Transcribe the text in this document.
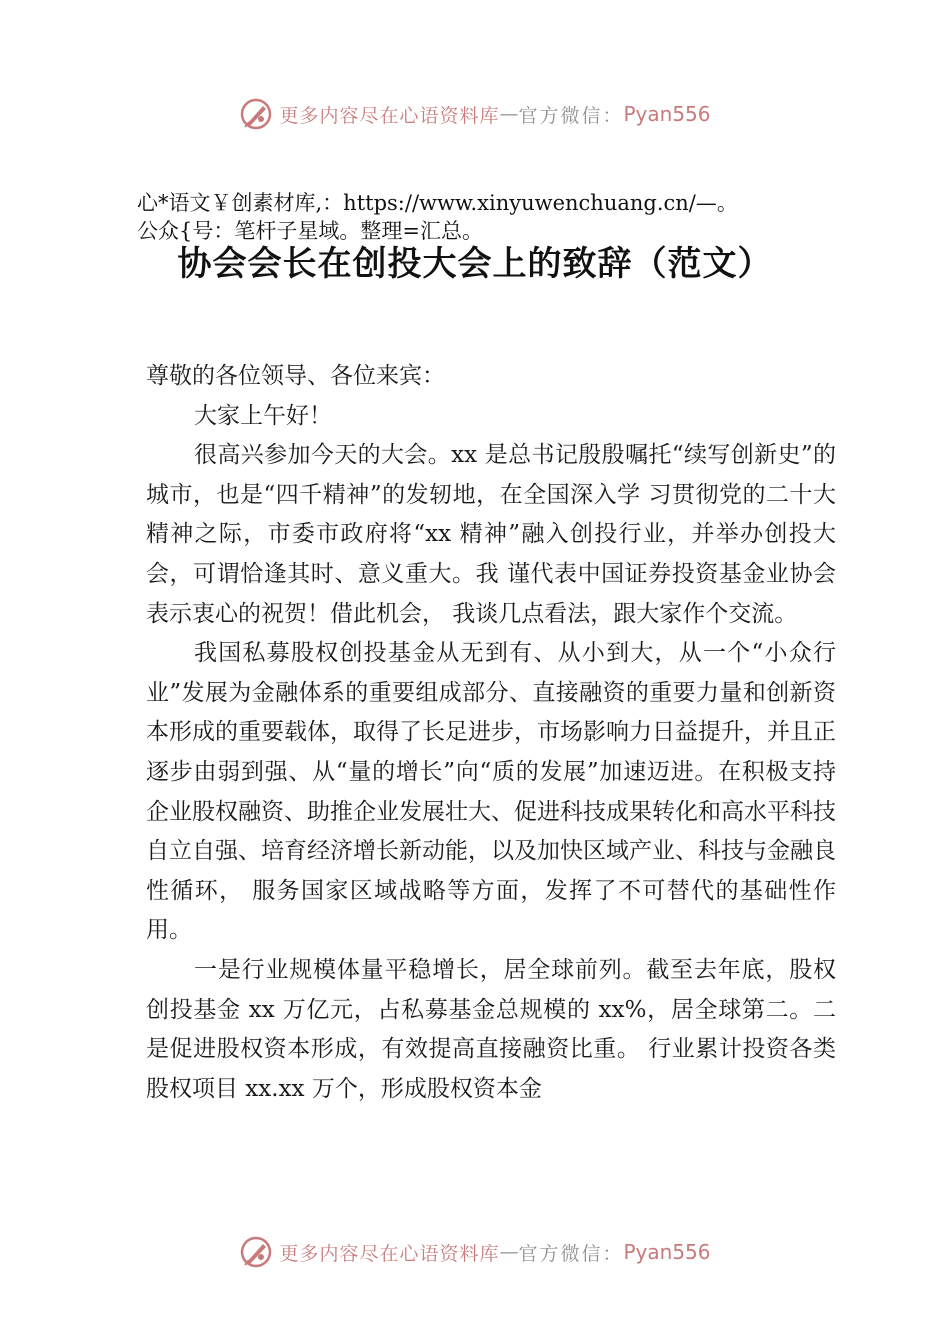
更多内容尽在心语资料库 — 官方微信： Pyan556
心*语文￥创素材库,：https://www.xinyuwenchuang.cn/—。
公众{号：笔杆子星域。整理=汇总。
协会会长在创投大会上的致辞（范文）

尊敬的各位领导、各位来宾：

大家上午好！

很高兴参加今天的大会。xx 是总书记殷殷嘱托“续写创新史”的城市，也是“四千精神”的发轫地，在全国深入学 习贯彻党的二十大精神之际，市委市政府将“xx 精神”融入创投行业，并举办创投大会，可谓恰逢其时、意义重大。我 谨代表中国证券投资基金业协会表示衷心的祝贺！借此机会， 我谈几点看法，跟大家作个交流。

我国私募股权创投基金从无到有、从小到大，从一个“小众行业”发展为金融体系的重要组成部分、直接融资的重要力量和创新资本形成的重要载体，取得了长足进步，市场影响力日益提升，并且正逐步由弱到强、从“量的增长”向“质的发展”加速迈进。在积极支持企业股权融资、助推企业发展壮大、促进科技成果转化和高水平科技自立自强、培育经济增长新动能，以及加快区域产业、科技与金融良性循环， 服务国家区域战略等方面，发挥了不可替代的基础性作用。

一是行业规模体量平稳增长，居全球前列。截至去年底，股权创投基金 xx 万亿元，占私募基金总规模的 xx%，居全球第二。二是促进股权资本形成，有效提高直接融资比重。 行业累计投资各类股权项目 xx.xx 万个，形成股权资本金

更多内容尽在心语资料库 — 官方微信： Pyan556
